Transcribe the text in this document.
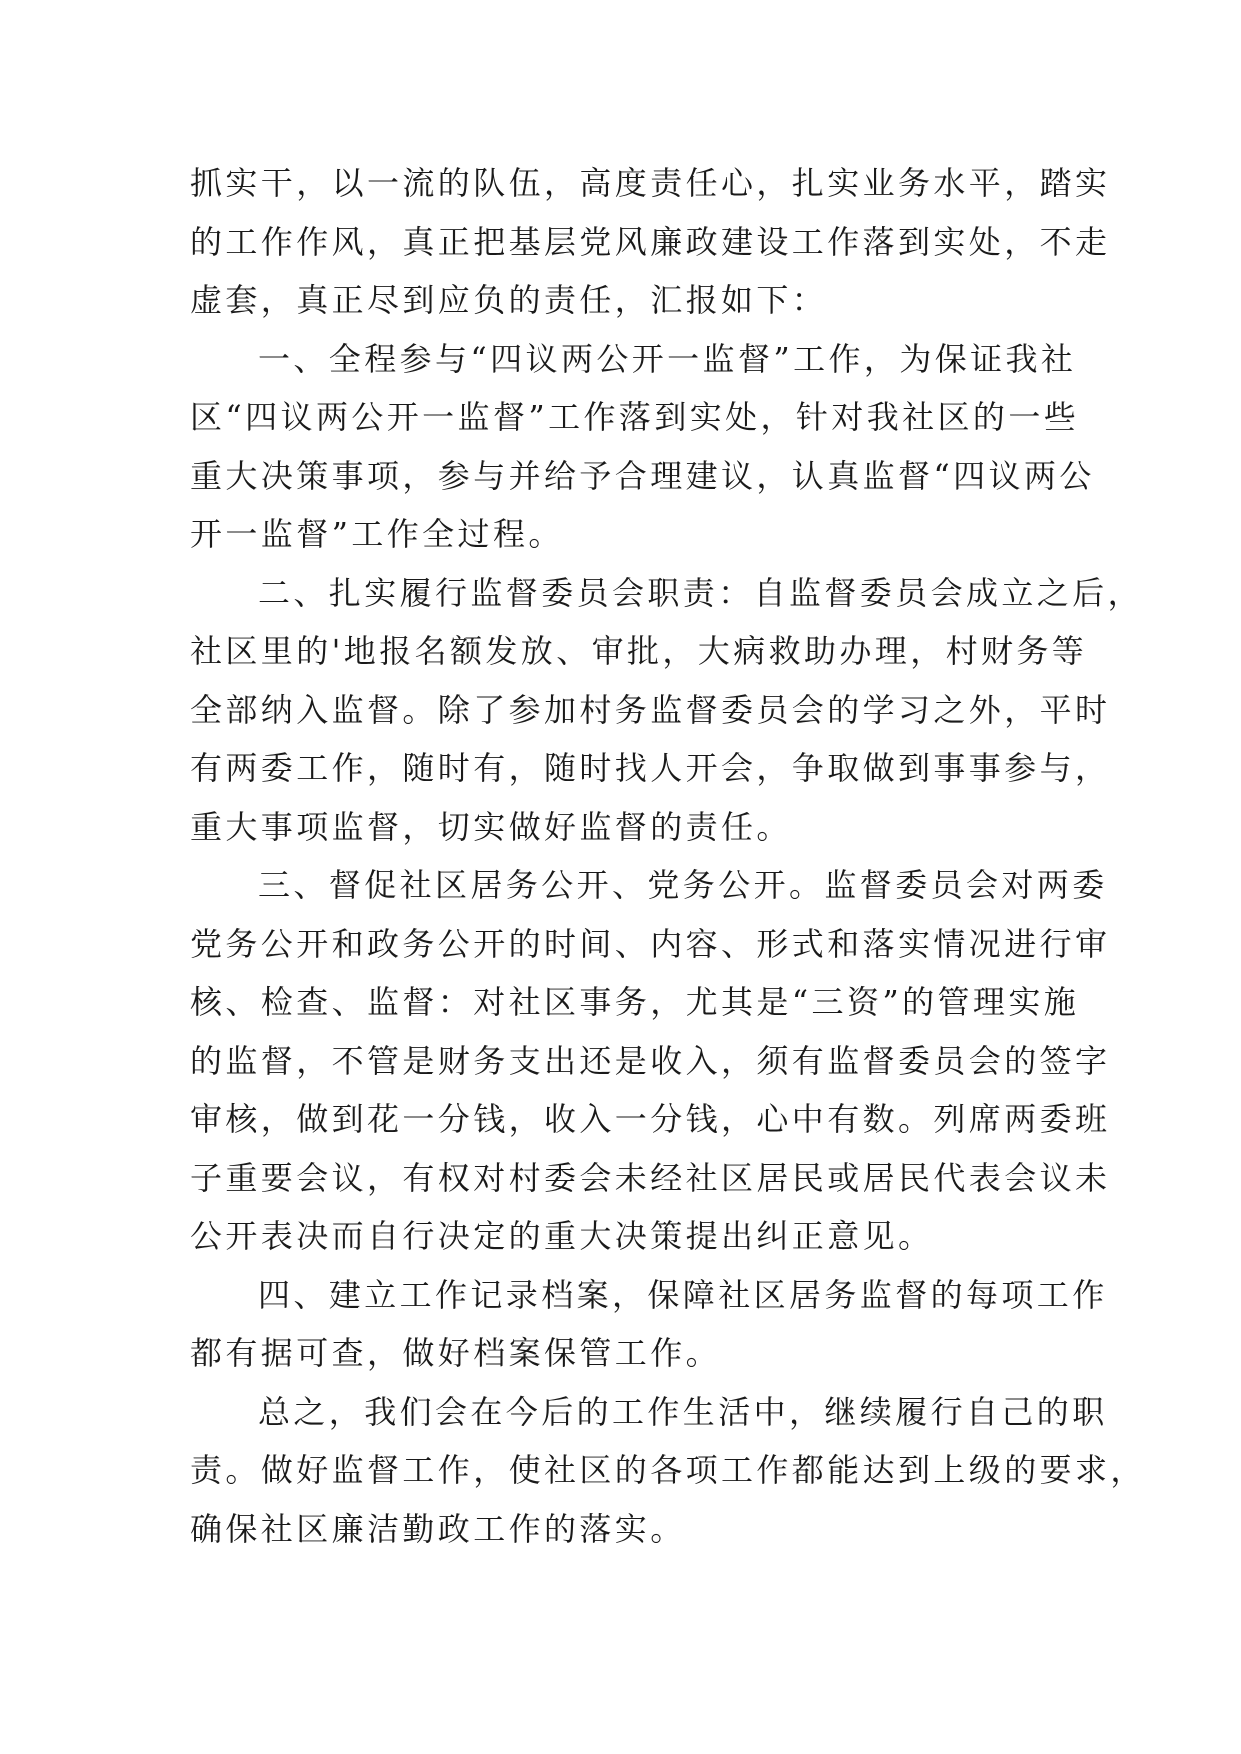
抓实干，以一流的队伍，高度责任心，扎实业务水平，踏实
的工作作风，真正把基层党风廉政建设工作落到实处，不走
虚套，真正尽到应负的责任，汇报如下：

一、全程参与“四议两公开一监督”工作，为保证我社
区“四议两公开一监督”工作落到实处，针对我社区的一些
重大决策事项，参与并给予合理建议，认真监督“四议两公
开一监督”工作全过程。

二、扎实履行监督委员会职责：自监督委员会成立之后，
社区里的'地报名额发放、审批，大病救助办理，村财务等
全部纳入监督。除了参加村务监督委员会的学习之外，平时
有两委工作，随时有，随时找人开会，争取做到事事参与，
重大事项监督，切实做好监督的责任。

三、督促社区居务公开、党务公开。监督委员会对两委
党务公开和政务公开的时间、内容、形式和落实情况进行审
核、检查、监督：对社区事务，尤其是“三资”的管理实施
的监督，不管是财务支出还是收入，须有监督委员会的签字
审核，做到花一分钱，收入一分钱，心中有数。列席两委班
子重要会议，有权对村委会未经社区居民或居民代表会议未
公开表决而自行决定的重大决策提出纠正意见。

四、建立工作记录档案，保障社区居务监督的每项工作
都有据可查，做好档案保管工作。

总之，我们会在今后的工作生活中，继续履行自己的职
责。做好监督工作，使社区的各项工作都能达到上级的要求，
确保社区廉洁勤政工作的落实。
